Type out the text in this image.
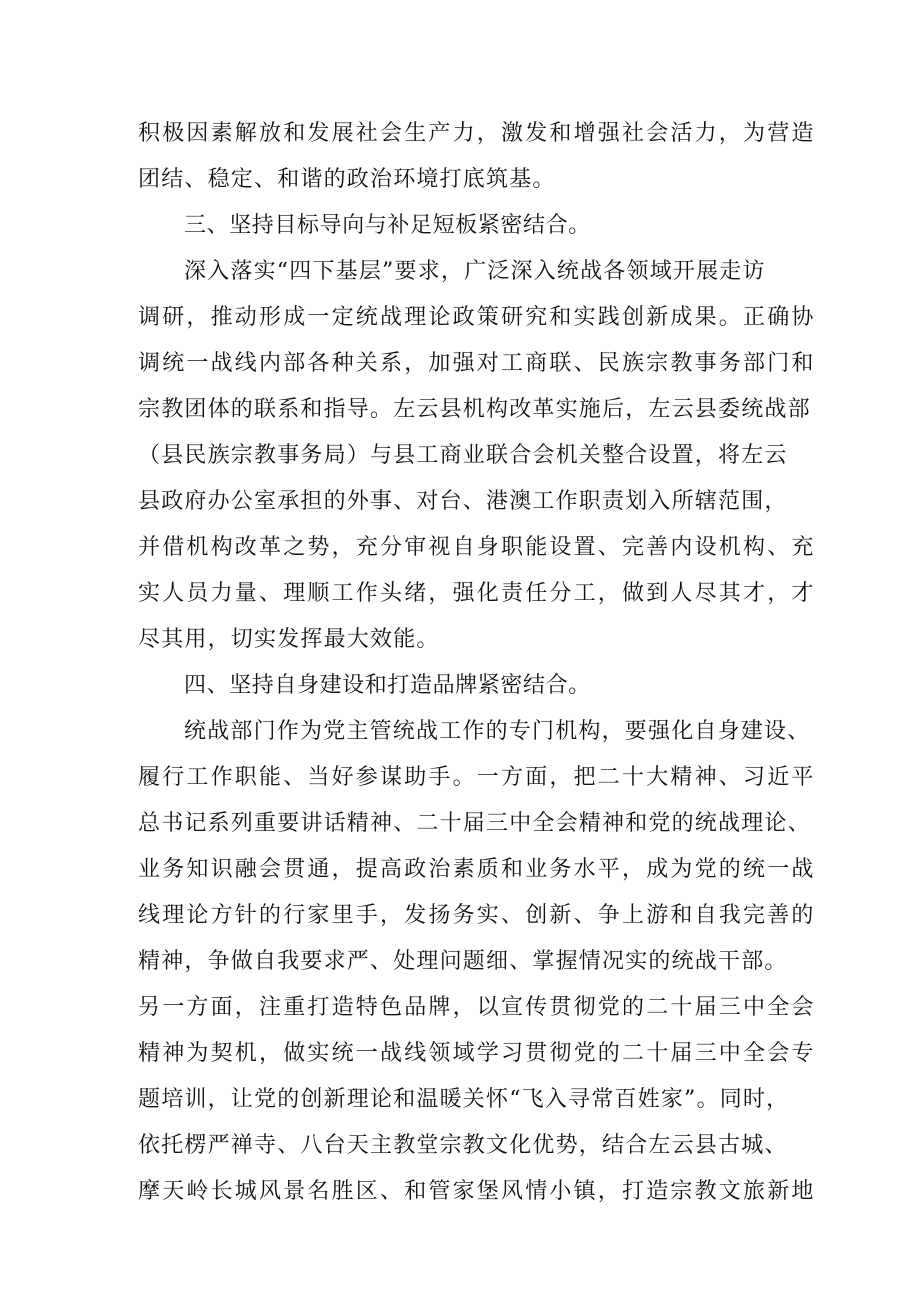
积极因素解放和发展社会生产力，激发和增强社会活力，为营造
团结、稳定、和谐的政治环境打底筑基。
三、坚持目标导向与补足短板紧密结合。
深入落实“四下基层”要求，广泛深入统战各领域开展走访
调研，推动形成一定统战理论政策研究和实践创新成果。正确协
调统一战线内部各种关系，加强对工商联、民族宗教事务部门和
宗教团体的联系和指导。左云县机构改革实施后，左云县委统战部
（县民族宗教事务局）与县工商业联合会机关整合设置，将左云
县政府办公室承担的外事、对台、港澳工作职责划入所辖范围，
并借机构改革之势，充分审视自身职能设置、完善内设机构、充
实人员力量、理顺工作头绪，强化责任分工，做到人尽其才，才
尽其用，切实发挥最大效能。
四、坚持自身建设和打造品牌紧密结合。
统战部门作为党主管统战工作的专门机构，要强化自身建设、
履行工作职能、当好参谋助手。一方面，把二十大精神、习近平
总书记系列重要讲话精神、二十届三中全会精神和党的统战理论、
业务知识融会贯通，提高政治素质和业务水平，成为党的统一战
线理论方针的行家里手，发扬务实、创新、争上游和自我完善的
精神，争做自我要求严、处理问题细、掌握情况实的统战干部。
另一方面，注重打造特色品牌，以宣传贯彻党的二十届三中全会
精神为契机，做实统一战线领域学习贯彻党的二十届三中全会专
题培训，让党的创新理论和温暖关怀“飞入寻常百姓家”。同时，
依托楞严禅寺、八台天主教堂宗教文化优势，结合左云县古城、
摩天岭长城风景名胜区、和管家堡风情小镇，打造宗教文旅新地
